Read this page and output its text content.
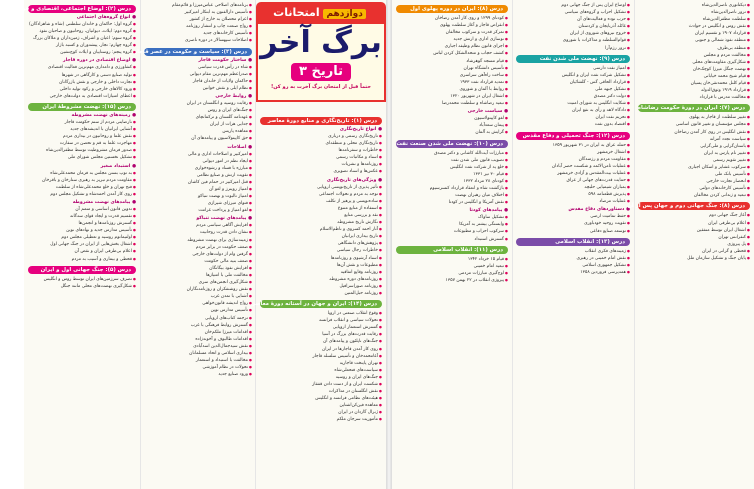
درس (۲): اوضاع اجتماعی، اقتصادی و فرهنگی ...
● انواع گروه‌های اجتماعی
● گروه اول: حاکمان و خاندان سلطنتی (شاه و شاهزادگان)
● گروه دوم: ایلات، دیوانیان، روحانیون و صاحبان نفوذ
● گروه سوم: اعیان و اشراف، زمین‌داران و ملاکان بزرگ
● گروه چهارم: تجار، پیشه‌وران و کسبه بازار
● گروه پنجم: روستاییان و ایلات کوچ‌نشین
● اوضاع اقتصادی در دوره قاجار
● کشاورزی و دامداری مهم‌ترین فعالیت اقتصادی
● تولید صنایع دستی و کارگاهی در شهرها
● تجارت داخلی و خارجی و نقش بازرگانان
● ورود کالاهای خارجی و رکود تولید داخلی
● اعطای امتیازات اقتصادی به دولت‌های خارجی
درس (۱۵): نهضت مشروطۀ ایران
● زمینه‌های نهضت مشروطه
● نارضایتی مردم از ستم حکومت قاجار
● آشنایی ایرانیان با اندیشه‌های جدید
● نقش علما و روحانیون در بیداری مردم
● مهاجرت علما به قم و تحصن در سفارت
● صدور فرمان مشروطیت توسط مظفرالدین‌شاه
● تشکیل نخستین مجلس شورای ملی
● استبداد صغیر
● به توپ بستن مجلس به فرمان محمدعلی‌شاه
● مقاومت مردم تبریز به رهبری ستارخان و باقرخان
● فتح تهران و خلع محمدعلی‌شاه از سلطنت
● روی کار آمدن احمدشاه و تشکیل مجلس دوم
● پیامدهای نهضت مشروطه
● تدوین قانون اساسی و متمم آن
● تقسیم قدرت و ایجاد قوای سه‌گانه
● گسترش روزنامه‌ها و انجمن‌ها
● تأسیس مدارس جدید و نهادهای نوین
● اولتیماتوم روسیه و تعطیلی مجلس دوم
● اشغال بخش‌هایی از ایران در جنگ جهانی اول
● اعلام بی‌طرفی ایران و نقض آن
● قحطی و بیماری و آسیب به مردم
درس (۵): جنگ جهانی اول و ایران
● تصرف سرزمین‌های ایران توسط روس و انگلیس
● شکل‌گیری نهضت‌های محلی مانند جنگل
● برنامه‌های اصلاحی عباس‌میرزا و قائم‌مقام
● تأسیس دارالفنون به ابتکار امیرکبیر
● اعزام محصلان به خارج از کشور
● رواج صنعت چاپ و انتشار روزنامه
● تأسیس کارخانه‌های جدید
● اصلاحات سپهسالار در دوره ناصری
درس (۳): سیاست و حکومت در عصر قاجار
● ساختار حکومت قاجار
● شاه در رأس قدرت سیاسی
● صدراعظم مهم‌ترین مقام دیوانی
● حاکمان ولایات از خاندان قاجار
● نظام ایلی و نقش خوانین
● روابط خارجی
● رقابت روسیه و انگلستان در ایران
● جنگ‌های ایران و روس
● عهدنامه گلستان و ترکمانچای
● جدایی هرات از ایران
● معاهده پاریس
● حق کاپیتولاسیون و پیامدهای آن
● اصلاحات
● امیرکبیر و اصلاحات اداری و مالی
● ایجاد نظم در امور دیوانی
● مبارزه با فساد و رشوه‌خواری
● تقویت ارتش و صنایع نظامی
● قتل امیرکبیر در حمام فین کاشان
● امتیاز رویترز و لغو آن
● امتیاز تالبوت و نهضت تنباکو
● فتوای میرزای شیرازی
● لغو امتیاز و پرداخت غرامت
● پیامدهای نهضت تنباکو
● افزایش آگاهی سیاسی مردم
● نشان دادن قدرت روحانیت
● زمینه‌سازی برای نهضت مشروطه
● ضعف حکومت در برابر مردم
● گرفتن وام از دولت‌های خارجی
● ضعف بنیه مالی حکومت
● افزایش نفوذ بیگانگان
● مخالفت ملی با امتیازها
● شکل‌گیری انجمن‌های سری
● نقش روشنفکران و روزنامه‌نگاران
● آشنایی با تمدن غرب
● رواج اندیشه قانون‌خواهی
● تأسیس مدارس نوین
● ترجمه کتاب‌های اروپایی
● گسترش روابط فرهنگی با غرب
● اقدامات میرزا ملکم‌خان
● اقدامات طالبوف و آخوندزاده
● نقش سیدجمال‌الدین اسدآبادی
● بیداری اسلامی و اتحاد مسلمانان
● مخالفت با استبداد و استعمار
● تحولات در نظام آموزشی
● ورود صنایع جدید
دوازدهم امتحانات
برگ آخر
تاریخ ۳
حتماً قبل از امتحان برگ آخرت به رو کن!
درس (۱): تاریخ‌نگاری و منابع دورۀ معاصر
● انواع تاریخ‌نگاری
● تاریخ‌نگاری رسمی و درباری
● تاریخ‌نگاری محلی و منطقه‌ای
● خاطرات و سفرنامه‌ها
● اسناد و مکاتبات رسمی
● روزنامه‌ها و نشریات
● عکس‌ها و اسناد تصویری
● ویژگی‌های تاریخ‌نگاری
● تأثیر پذیری از تاریخ‌نویسی اروپایی
● توجه به مردم و تحولات اجتماعی
● ساده‌نویسی و پرهیز از تکلف
● استفاده از منابع متنوع
● نقد و بررسی منابع
● نگارش تاریخ مشروطه
● آثار احمد کسروی و ناظم‌الاسلام
● تاریخ بیداری ایرانیان
● پژوهش‌های دانشگاهی
● خاطرات رجال سیاسی
● اسناد آرشیوی و روزنامه‌ها
● مطبوعات و نقش آن‌ها
● روزنامه وقایع اتفاقیه
● روزنامه‌های دوره مشروطه
● روزنامه صوراسرافیل
● روزنامه حبل‌المتین
درس (۱۴): ایران و جهان در آستانه دورۀ معاصر
● وقوع انقلاب صنعتی در اروپا
● تحولات سیاسی و انقلاب فرانسه
● گسترش استعمار اروپایی
● رقابت قدرت‌های بزرگ در آسیا
● جنگ‌های ناپلئون و پیامدهای آن
● روی کار آمدن قاجارها در ایران
● آغامحمدخان و تأسیس سلسله قاجار
● تهران پایتخت قاجاریه
● سیاست‌های فتحعلی‌شاه
● جنگ‌های ایران و روسیه
● شکست ایران و از دست دادن قفقاز
● نقش انگلستان در مذاکرات
● هیئت‌های نظامی فرانسه و انگلیس
● معاهده فین‌کن‌اشتاین
● ژنرال گاردان در ایران
● مأموریت سرجان ملکم
درس (۸): ایران در دوره پهلوی اول
● کودتای ۱۲۹۹ و روی کار آمدن رضاخان
● انقراض قاجار و آغاز سلطنت پهلوی
● تمرکز قدرت و سرکوب مخالفان
● نوسازی اداری و ارتش جدید
● اجرای قانون نظام وظیفه اجباری
● کشف حجاب و متحدالشکل کردن لباس
● قیام مسجد گوهرشاد
● تأسیس دانشگاه تهران
● ساخت راه‌آهن سراسری
● تمدید قرارداد نفت ۱۹۳۳
● روابط با آلمان و شوروی
● اشغال ایران در شهریور ۱۳۲۰
● تبعید رضاشاه و سلطنت محمدرضا
● سیاست خارجی
● لغو کاپیتولاسیون
● پیمان سعدآباد
● گرایش به آلمان
درس (۱۰): نهضت ملی شدن صنعت نفت
● مبارزات آیت‌الله کاشانی و دکتر مصدق
● تصویب قانون ملی شدن نفت
● خلع ید از شرکت نفت انگلیس
● قیام ۳۰ تیر ۱۳۳۱
● کودتای ۲۸ مرداد ۱۳۳۲
● بازگشت شاه و انعقاد قرارداد کنسرسیوم
● اختلاف میان رهبران نهضت
● نقش آمریکا و انگلیس در کودتا
● پیامدهای کودتا
● تشکیل ساواک
● وابستگی بیشتر به آمریکا
● سرکوب احزاب و مطبوعات
● گسترش استبداد
درس (۱۱): انقلاب اسلامی
● قیام ۱۵ خرداد ۱۳۴۲
● تبعید امام خمینی
● اوج‌گیری مبارزات مردمی
● پیروزی انقلاب در ۲۲ بهمن ۱۳۵۷
● اوضاع ایران پس از جنگ جهانی دوم
● تشکیل احزاب و گروه‌های سیاسی
● حزب توده و فعالیت‌های آن
● غائله آذربایجان و کردستان
● خروج نیروهای شوروی از ایران
● قوام‌السلطنه و مذاکرات با شوروی
● ترور رزم‌آرا
درس (۹): نهضت ملی شدن نفت
● امتیاز نفت دارسی
● تشکیل شرکت نفت ایران و انگلیس
● قرارداد الحاقی گس - گلشائیان
● تشکیل جبهه ملی
● دولت دکتر مصدق
● شکایت انگلیس به شورای امنیت
● دادگاه لاهه و رأی به نفع ایران
● تحریم نفت ایران
● اقتصاد بدون نفت
درس (۱۲): جنگ تحمیلی و دفاع مقدس
● حمله عراق به ایران در ۳۱ شهریور ۱۳۵۹
● اشغال خرمشهر
● مقاومت مردم و رزمندگان
● عملیات ثامن‌الائمه و شکست حصر آبادان
● عملیات بیت‌المقدس و آزادی خرمشهر
● حمایت قدرت‌های جهانی از عراق
● بمباران شیمیایی حلبچه
● پذیرش قطعنامه ۵۹۸
● عملیات مرصاد
● دستاوردهای دفاع مقدس
● حفظ تمامیت ارضی
● تقویت روحیه خودباوری
● توسعه صنایع دفاعی
درس (۱۳): انقلاب اسلامی
● زمینه‌های فکری انقلاب
● نقش امام خمینی در رهبری
● تشکیل جمهوری اسلامی
● همه‌پرسی فروردین ۱۳۵۸
● دیکتاتوری ناصرالدین‌شاه
● ترور ناصرالدین‌شاه
● سلطنت مظفرالدین‌شاه
● نقش روس و انگلیس در حوادث
● قرارداد ۱۹۰۷ و تقسیم ایران
● منطقه نفوذ شمالی و جنوبی
● منطقه بی‌طرف
● مخالفت مردم و مجلس
● شکل‌گیری مقاومت‌های محلی
● نهضت جنگل میرزا کوچک‌خان
● قیام شیخ محمد خیابانی
● قیام کلنل محمدتقی‌خان پسیان
● قرارداد ۱۹۱۹ وثوق‌الدوله
● مخالفت مدرس با قرارداد
درس (۷): ایران در دورۀ حکومت رضاشاه
● تغییر سلطنت از قاجار به پهلوی
● مجلس مؤسسان و تغییر قانون اساسی
● نقش انگلیس در روی کار آمدن رضاخان
● سیاست تجدد آمرانه
● باستان‌گرایی و ملی‌گرایی
● تغییر نام پارس به ایران
● تغییر تقویم رسمی
● سرکوب عشایر و اسکان اجباری
● تأسیس بانک ملی
● انحصار تجارت خارجی
● تأسیس کارخانه‌های دولتی
● تبعید و زندانی کردن مخالفان
درس (۸): جنگ جهانی دوم و جهان پس از آن
● آغاز جنگ جهانی دوم
● اعلام بی‌طرفی ایران
● اشغال ایران توسط متفقین
● کنفرانس تهران
● پل پیروزی
● قحطی و گرانی در ایران
● پایان جنگ و تشکیل سازمان ملل
